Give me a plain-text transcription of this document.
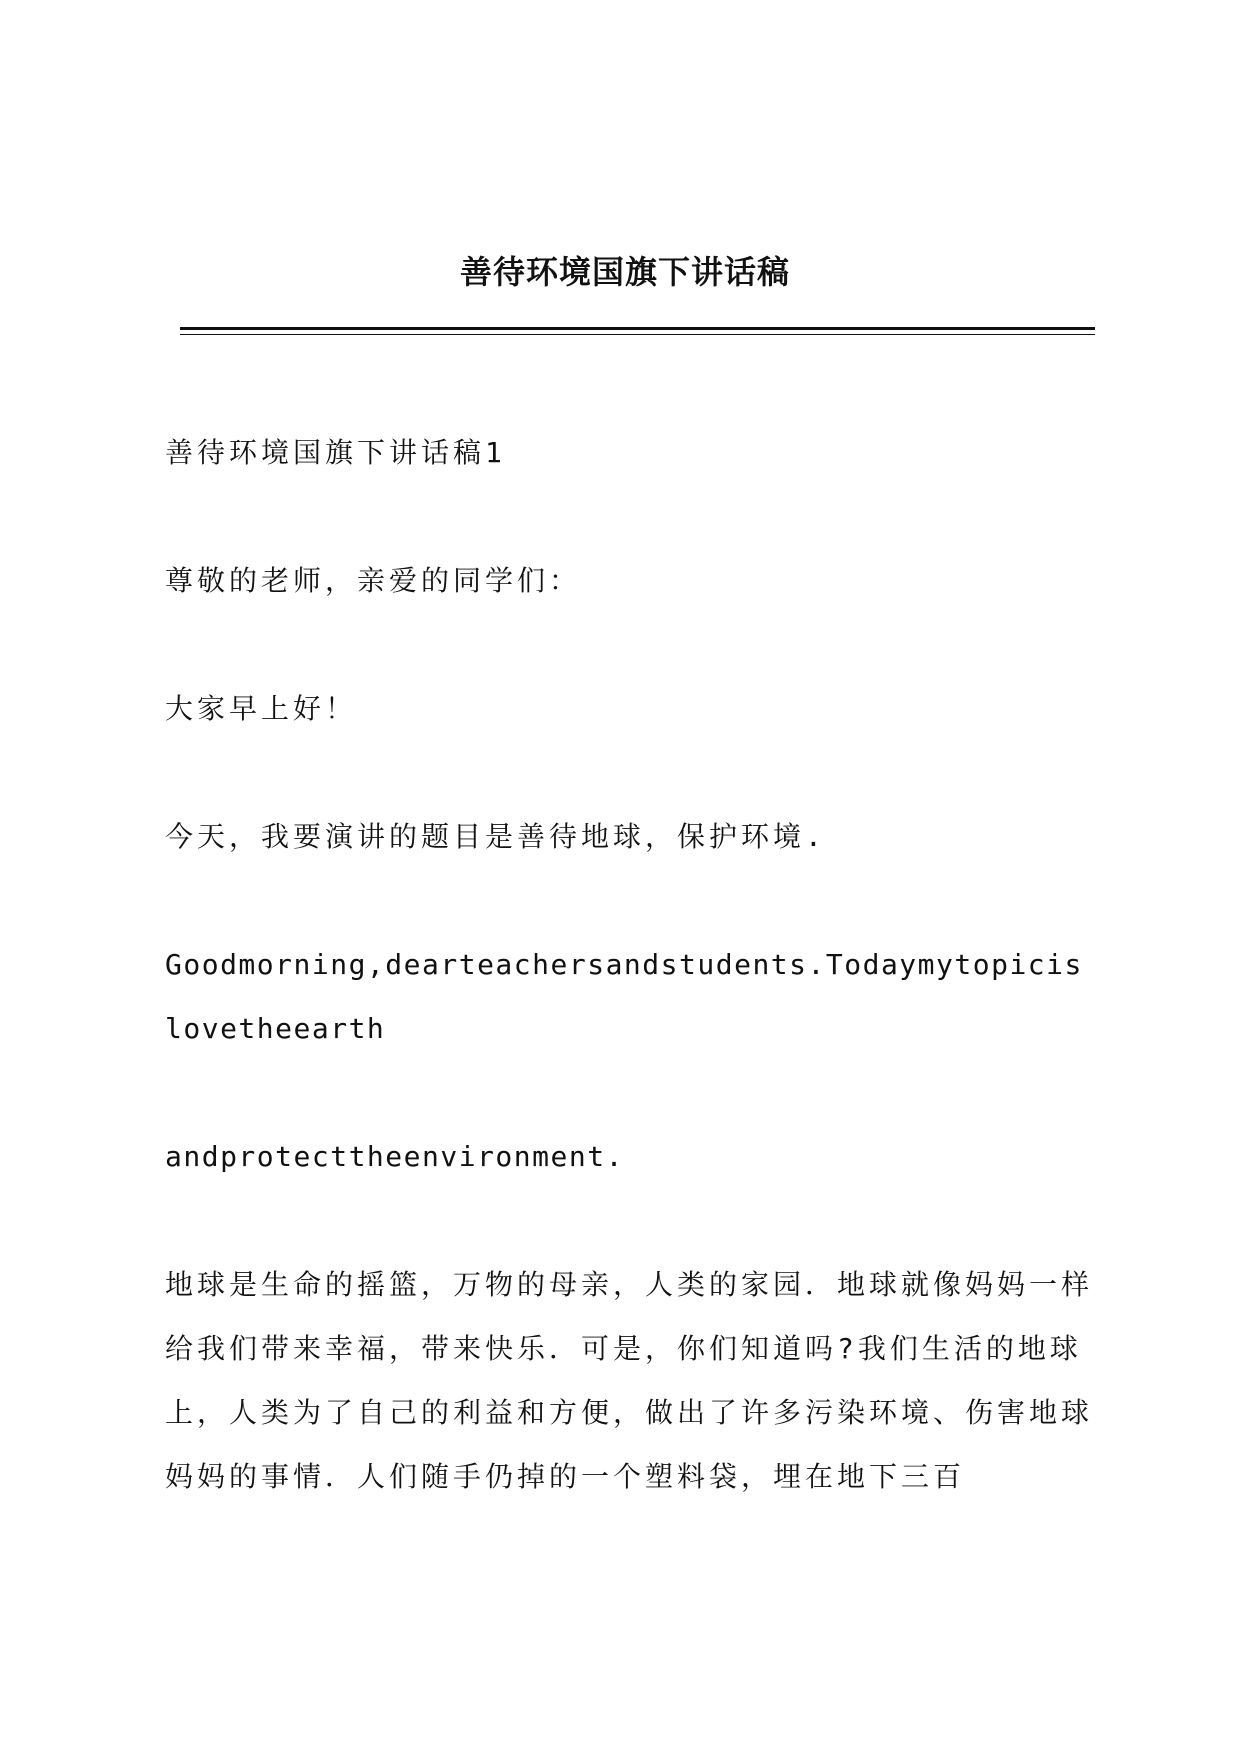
善待环境国旗下讲话稿

善待环境国旗下讲话稿1

尊敬的老师，亲爱的同学们：

大家早上好！

今天，我要演讲的题目是善待地球，保护环境.

Goodmorning,dearteachersandstudents.Todaymytopicislovetheearth

andprotecttheenvironment.

地球是生命的摇篮，万物的母亲，人类的家园．地球就像妈妈一样给我们带来幸福，带来快乐．可是，你们知道吗?我们生活的地球上，人类为了自己的利益和方便，做出了许多污染环境、伤害地球妈妈的事情．人们随手仍掉的一个塑料袋，埋在地下三百
